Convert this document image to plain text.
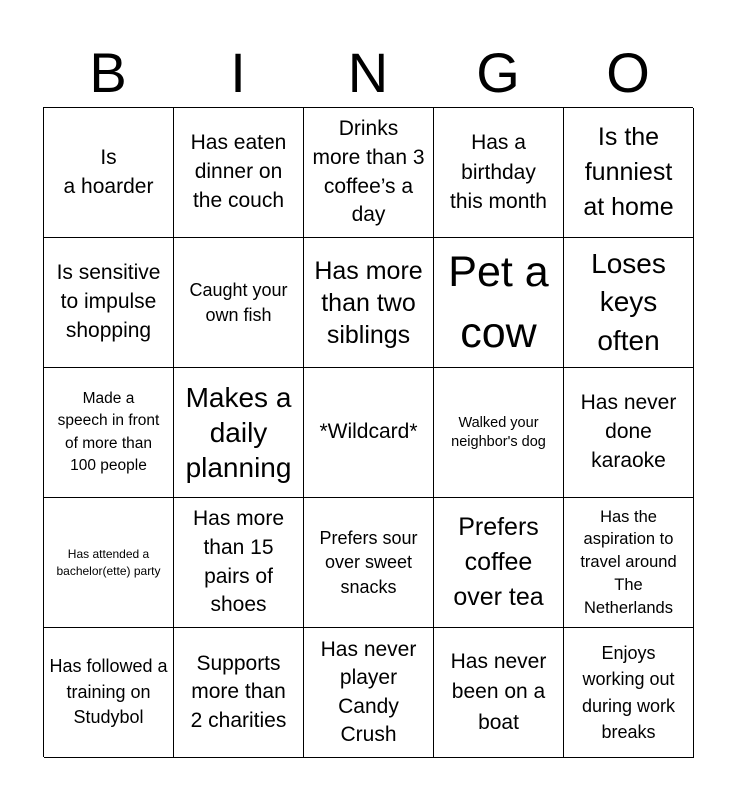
B	I	N	G	O
Is
a hoarder
Has eaten dinner on the couch
Drinks more than 3 coffee’s a day
Has a birthday this month
Is the funniest at home
Is sensitive to impulse shopping
Caught your own fish
Has more than two siblings
Pet a cow
Loses keys often
Made a speech in front of more than 100 people
Makes a daily planning
*Wildcard*	Walked your neighbor's dog
Has never done karaoke
Has attended a bachelor(ette) party
Has more than 15 pairs of shoes
Prefers sour over sweet snacks
Prefers coffee over tea
Has the aspiration to travel around The Netherlands
Has followed a training on Studybol
Supports more than 2 charities
Has never player Candy Crush
Has never been on a boat
Enjoys working out during work breaks
